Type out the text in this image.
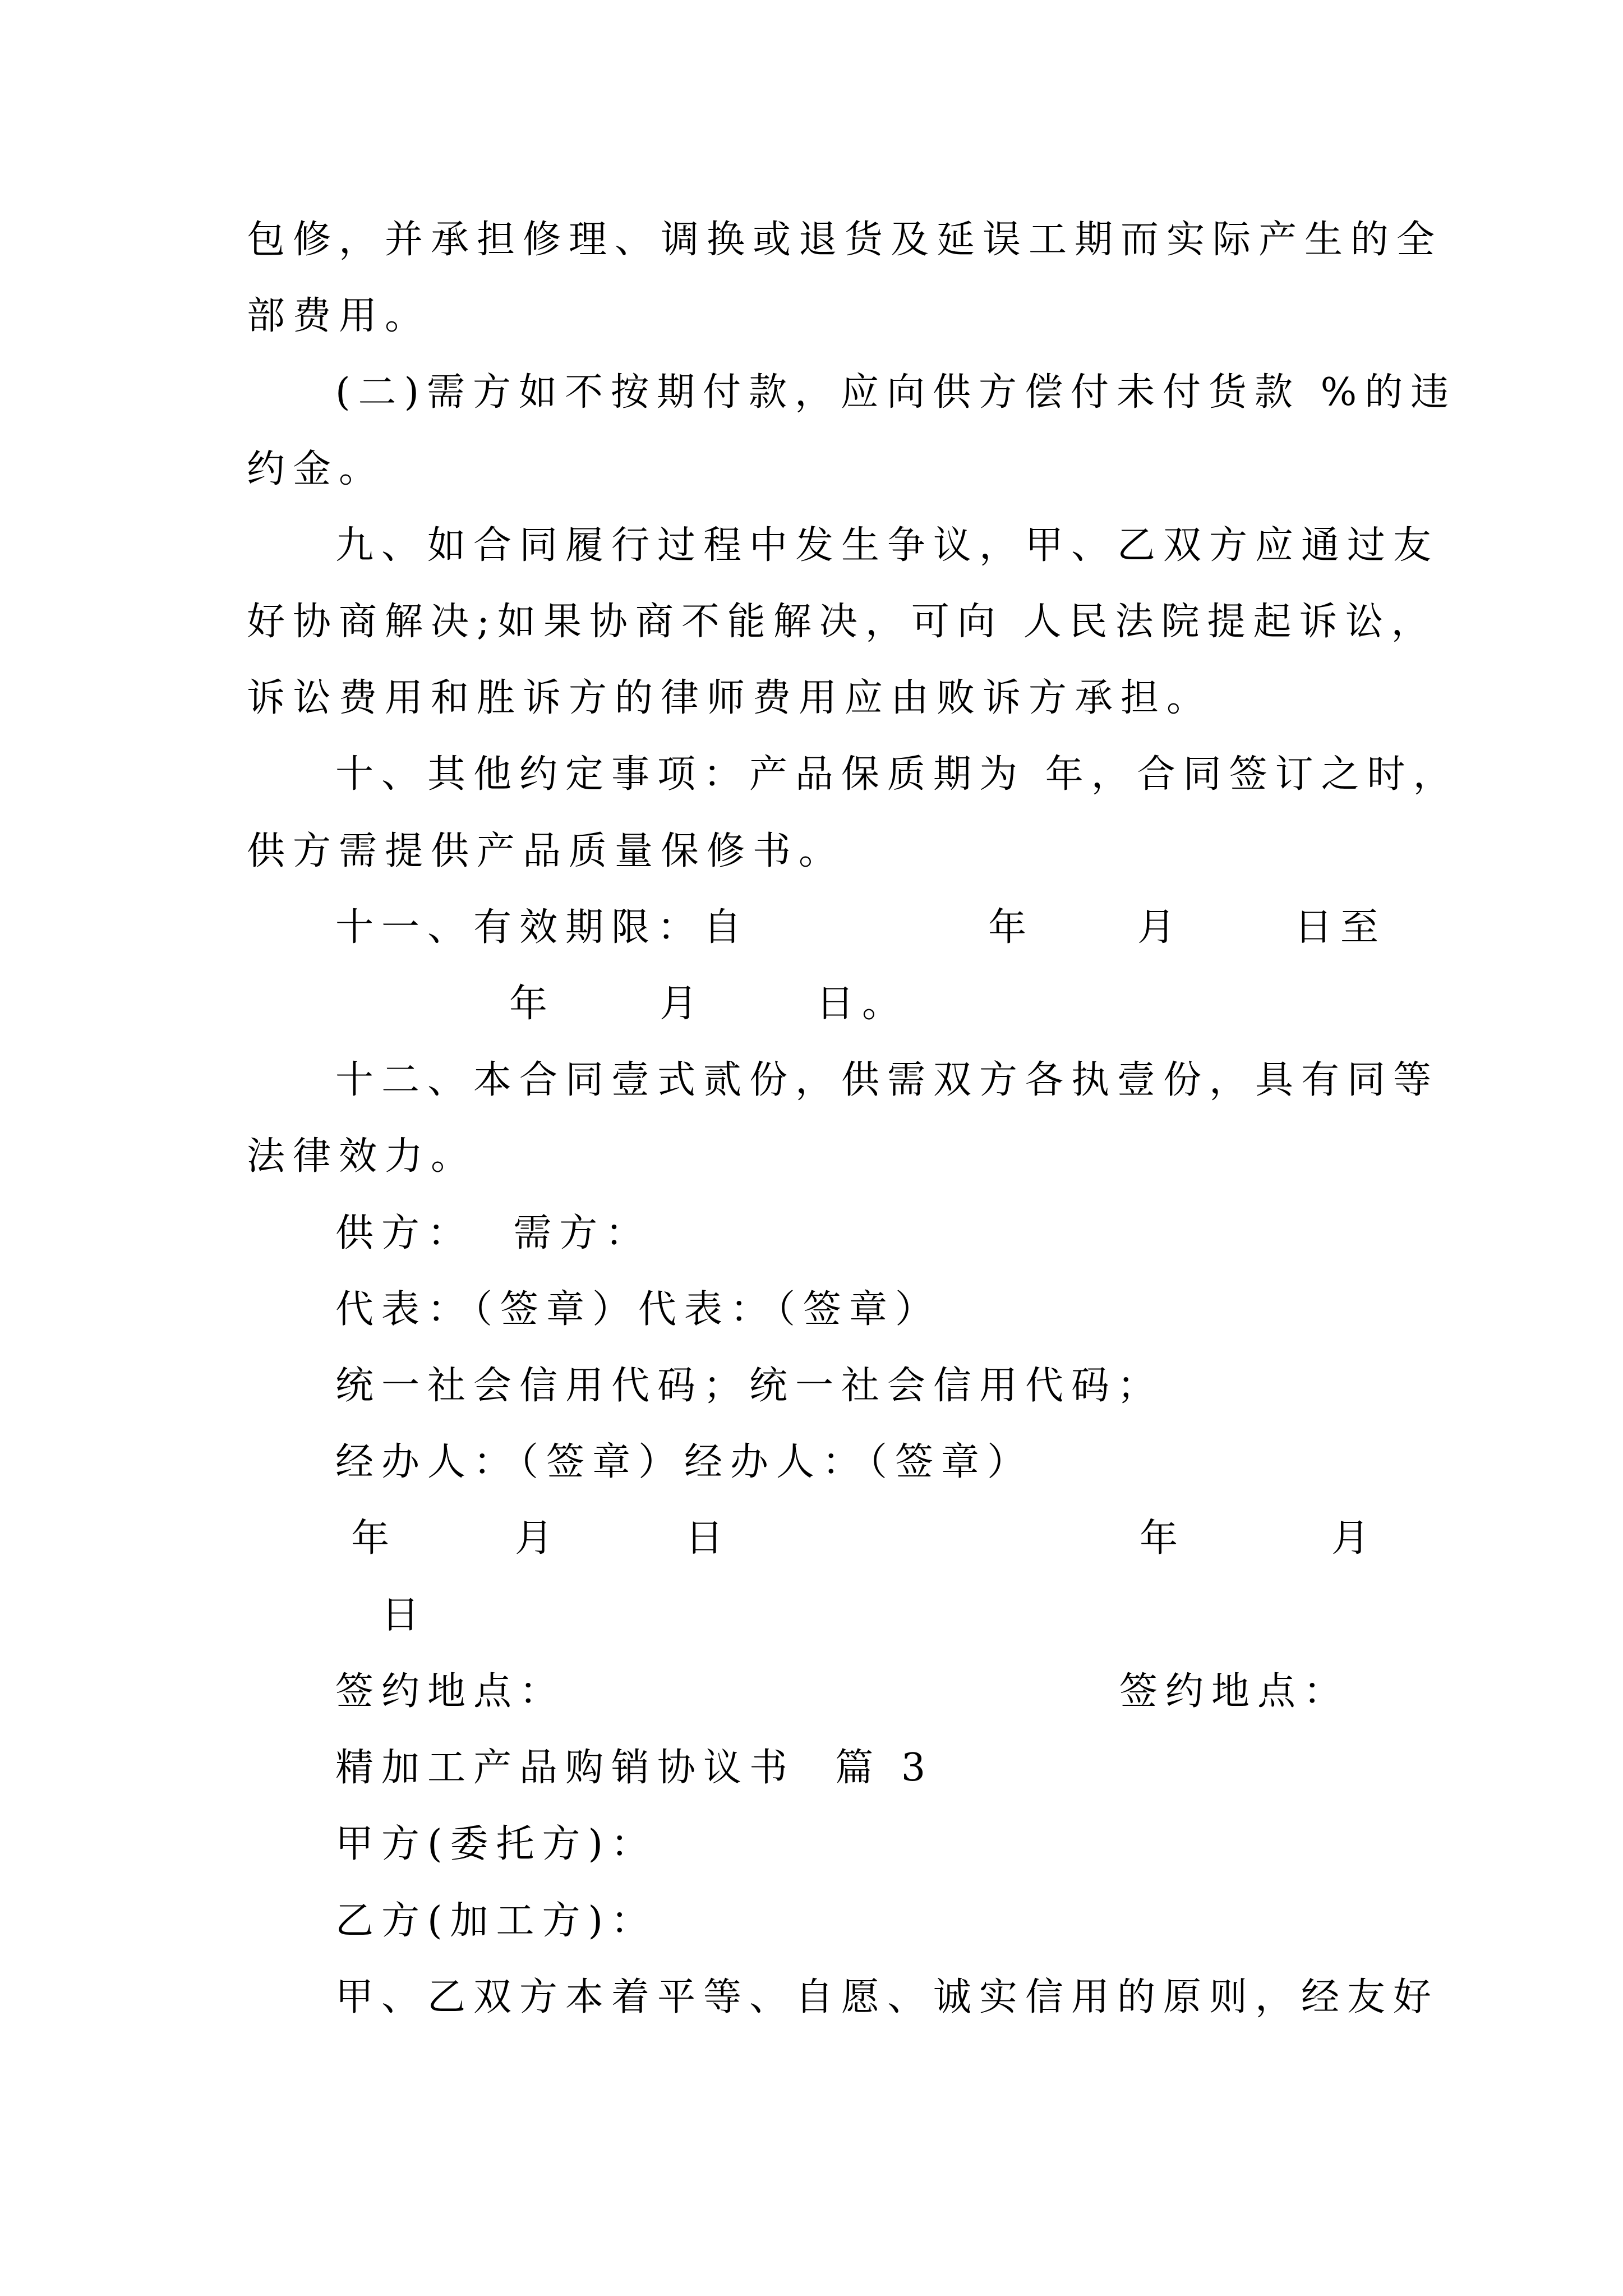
包修，并承担修理、调换或退货及延误工期而实际产生的全
部费用。
(二)需方如不按期付款，应向供方偿付未付货款 %的违
约金。
九、如合同履行过程中发生争议，甲、乙双方应通过友
好协商解决;如果协商不能解决，可向 人民法院提起诉讼，
诉讼费用和胜诉方的律师费用应由败诉方承担。
十、其他约定事项：产品保质期为 年，合同签订之时，
供方需提供产品质量保修书。
十一、有效期限：自	年	月	日至
年	月	日。
十二、本合同壹式贰份，供需双方各执壹份，具有同等
法律效力。
供方：  需方：
代表：（签章）代表：（签章）
统一社会信用代码；统一社会信用代码；
经办人：（签章）经办人：（签章）
年	月	日	年	月
日
签约地点：	签约地点：
精加工产品购销协议书  篇 3
甲方(委托方)：
乙方(加工方)：
甲、乙双方本着平等、自愿、诚实信用的原则，经友好
